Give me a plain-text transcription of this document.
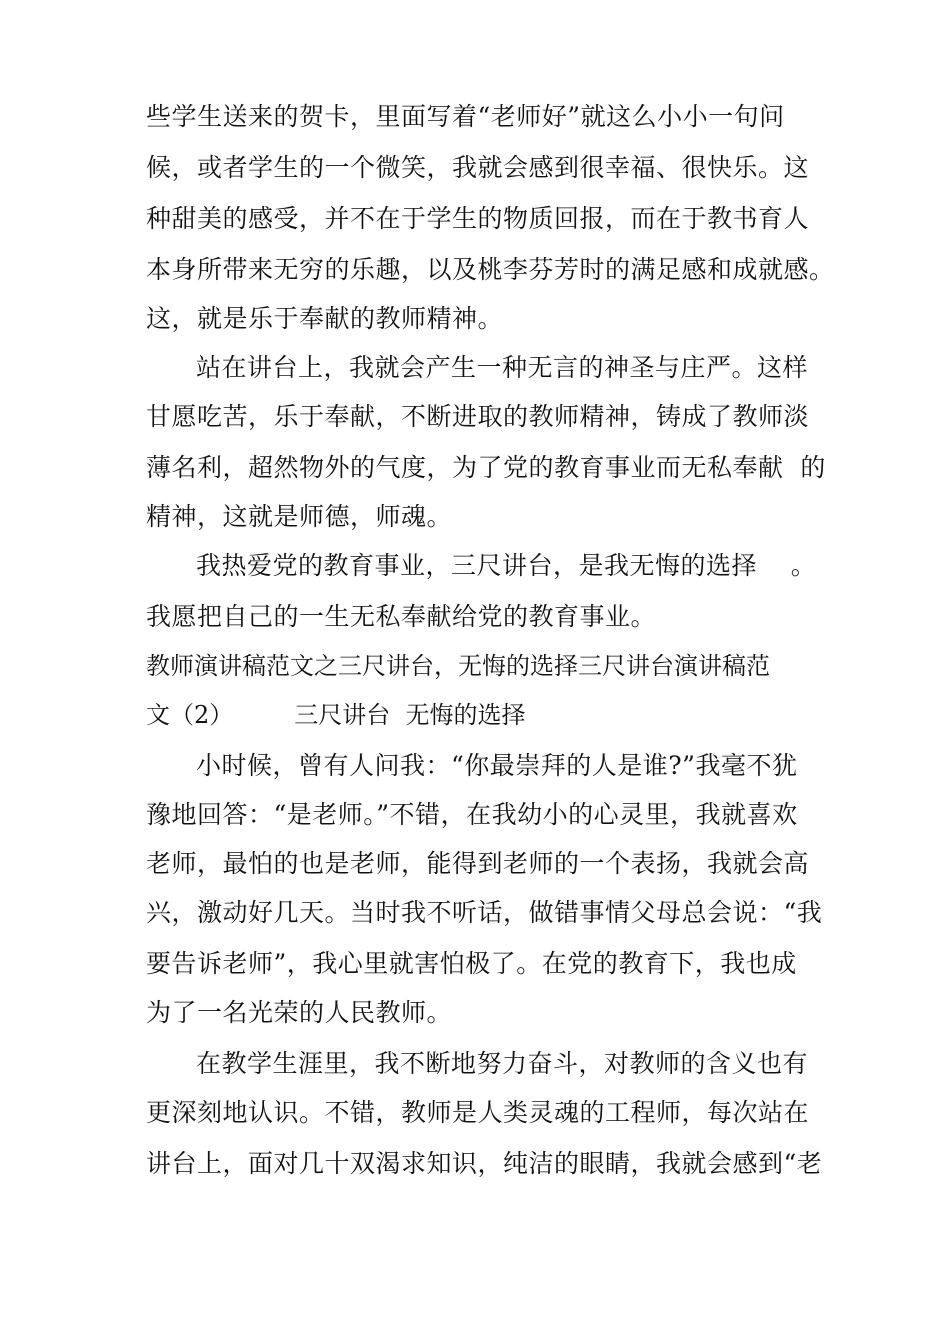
些学生送来的贺卡，里面写着“老师好”就这么小小一句问
候，或者学生的一个微笑，我就会感到很幸福、很快乐。这
种甜美的感受，并不在于学生的物质回报，而在于教书育人
本身所带来无穷的乐趣，以及桃李芬芳时的满足感和成就感。
这，就是乐于奉献的教师精神。
站在讲台上，我就会产生一种无言的神圣与庄严。这样
甘愿吃苦，乐于奉献，不断进取的教师精神，铸成了教师淡
薄名利，超然物外的气度，为了党的教育事业而无私奉献  的
精神，这就是师德，师魂。
我热爱党的教育事业，三尺讲台，是我无悔的选择    。
我愿把自己的一生无私奉献给党的教育事业。
教师演讲稿范文之三尺讲台，无悔的选择三尺讲台演讲稿范
文（2）        三尺讲台  无悔的选择
小时候，曾有人问我：“你最崇拜的人是谁?”我毫不犹
豫地回答：“是老师。”不错，在我幼小的心灵里，我就喜欢
老师，最怕的也是老师，能得到老师的一个表扬，我就会高
兴，激动好几天。当时我不听话，做错事情父母总会说：“我
要告诉老师”，我心里就害怕极了。在党的教育下，我也成
为了一名光荣的人民教师。
在教学生涯里，我不断地努力奋斗，对教师的含义也有
更深刻地认识。不错，教师是人类灵魂的工程师，每次站在
讲台上，面对几十双渴求知识，纯洁的眼睛，我就会感到“老
